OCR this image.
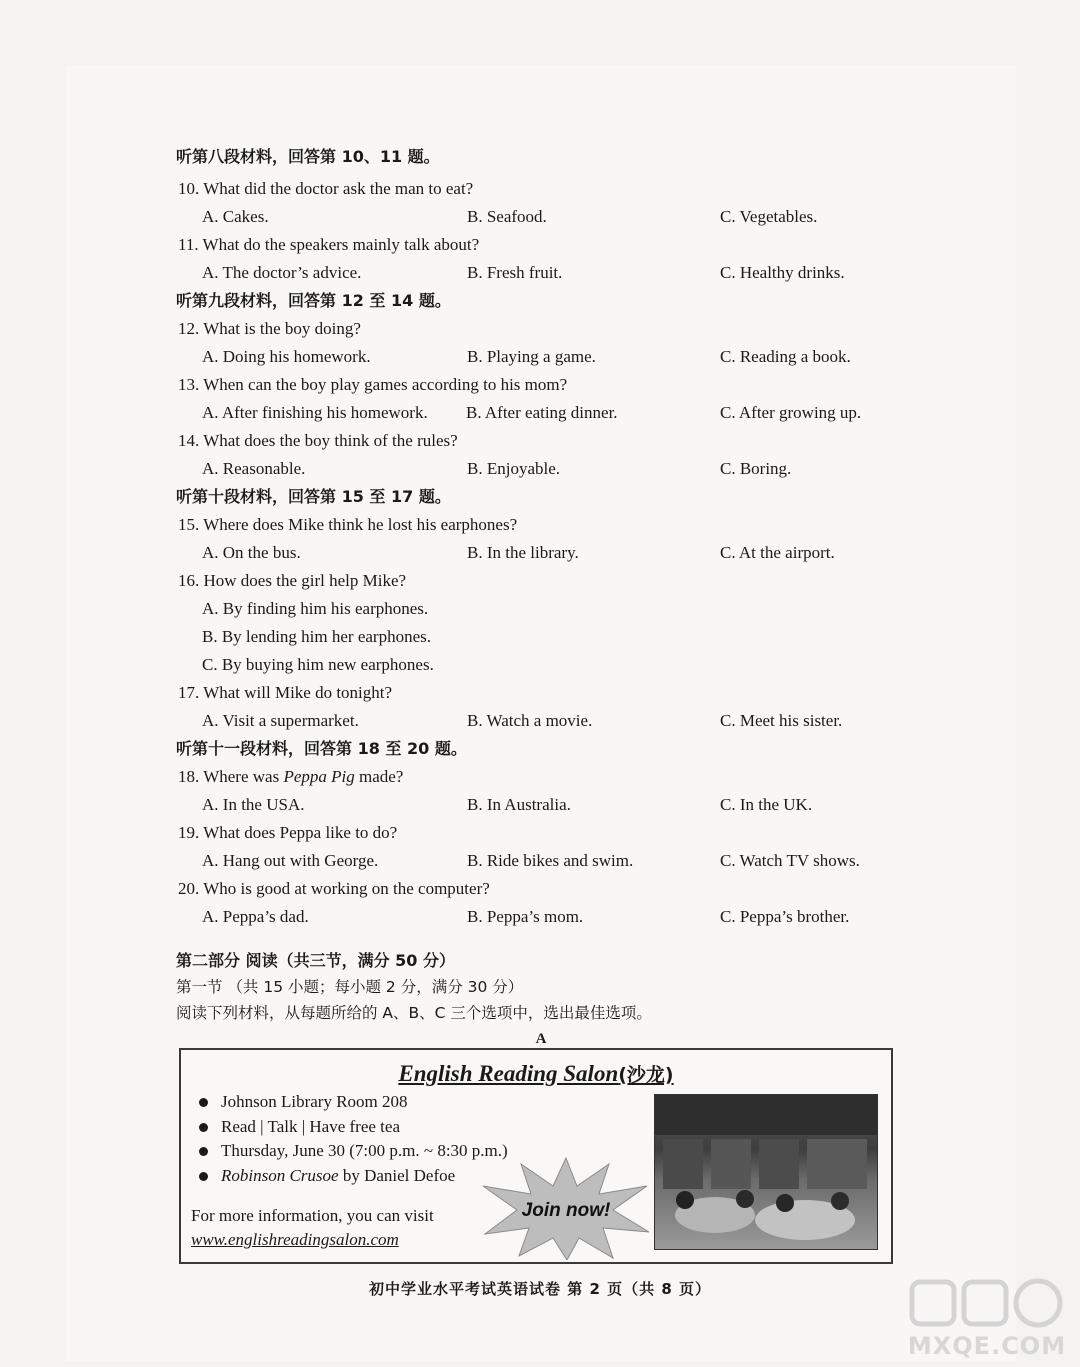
听第八段材料，回答第 10、11 题。
10. What did the doctor ask the man to eat?
A. Cakes.	B. Seafood.	C. Vegetables.
11. What do the speakers mainly talk about?
A. The doctor’s advice.	B. Fresh fruit.	C. Healthy drinks.
听第九段材料，回答第 12 至 14 题。
12. What is the boy doing?
A. Doing his homework.	B. Playing a game.	C. Reading a book.
13. When can the boy play games according to his mom?
A. After finishing his homework. B. After eating dinner.	C. After growing up.
14. What does the boy think of the rules?
A. Reasonable.	B. Enjoyable.	C. Boring.
听第十段材料，回答第 15 至 17 题。
15. Where does Mike think he lost his earphones?
A. On the bus.	B. In the library.	C. At the airport.
16. How does the girl help Mike?
A. By finding him his earphones.
B. By lending him her earphones.
C. By buying him new earphones.
17. What will Mike do tonight?
A. Visit a supermarket.	B. Watch a movie.	C. Meet his sister.
听第十一段材料，回答第 18 至 20 题。
18. Where was Peppa Pig made?
A. In the USA.	B. In Australia.	C. In the UK.
19. What does Peppa like to do?
A. Hang out with George.	B. Ride bikes and swim.	C. Watch TV shows.
20. Who is good at working on the computer?
A. Peppa’s dad.	B. Peppa’s mom.	C. Peppa’s brother.
第二部分 阅读（共三节，满分 50 分）
第一节 （共 15 小题；每小题 2 分，满分 30 分）
阅读下列材料，从每题所给的 A、B、C 三个选项中，选出最佳选项。
A
English Reading Salon(沙龙)
Johnson Library Room 208
Read | Talk | Have free tea
Thursday, June 30 (7:00 p.m. ~ 8:30 p.m.)
Robinson Crusoe by Daniel Defoe
For more information, you can visit
www.englishreadingsalon.com
Join now!
初中学业水平考试英语试卷 第 2 页（共 8 页）
MXQE.COM
